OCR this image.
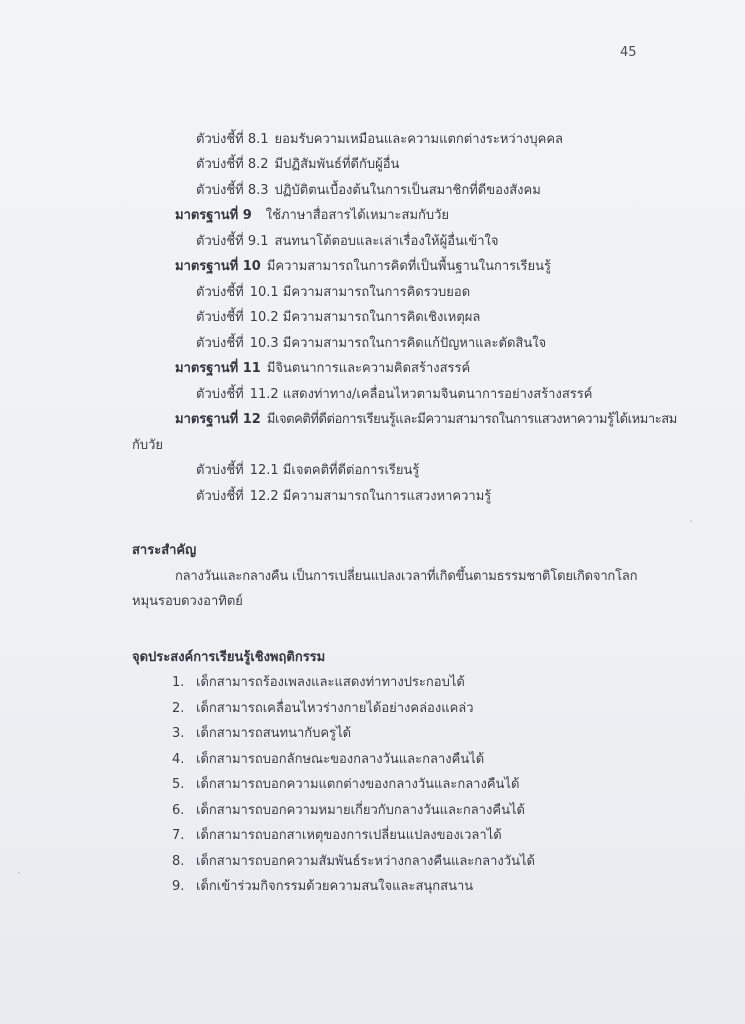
45
ตัวบ่งชี้ที่ 8.1 ยอมรับความเหมือนและความแตกต่างระหว่างบุคคล
ตัวบ่งชี้ที่ 8.2 มีปฏิสัมพันธ์ที่ดีกับผู้อื่น
ตัวบ่งชี้ที่ 8.3 ปฏิบัติตนเบื้องต้นในการเป็นสมาชิกที่ดีของสังคม
มาตรฐานที่ 9 ใช้ภาษาสื่อสารได้เหมาะสมกับวัย
ตัวบ่งชี้ที่ 9.1 สนทนาโต้ตอบและเล่าเรื่องให้ผู้อื่นเข้าใจ
มาตรฐานที่ 10 มีความสามารถในการคิดที่เป็นพื้นฐานในการเรียนรู้
ตัวบ่งชี้ที่ 10.1 มีความสามารถในการคิดรวบยอด
ตัวบ่งชี้ที่ 10.2 มีความสามารถในการคิดเชิงเหตุผล
ตัวบ่งชี้ที่ 10.3 มีความสามารถในการคิดแก้ปัญหาและตัดสินใจ
มาตรฐานที่ 11 มีจินตนาการและความคิดสร้างสรรค์
ตัวบ่งชี้ที่ 11.2 แสดงท่าทาง/เคลื่อนไหวตามจินตนาการอย่างสร้างสรรค์
มาตรฐานที่ 12 มีเจตคติที่ดีต่อการเรียนรู้และมีความสามารถในการแสวงหาความรู้ได้เหมาะสม
กับวัย
ตัวบ่งชี้ที่ 12.1 มีเจตคติที่ดีต่อการเรียนรู้
ตัวบ่งชี้ที่ 12.2 มีความสามารถในการแสวงหาความรู้
สาระสำคัญ
กลางวันและกลางคืน เป็นการเปลี่ยนแปลงเวลาที่เกิดขึ้นตามธรรมชาติโดยเกิดจากโลก
หมุนรอบดวงอาทิตย์
จุดประสงค์การเรียนรู้เชิงพฤติกรรม
1. เด็กสามารถร้องเพลงและแสดงท่าทางประกอบได้
2. เด็กสามารถเคลื่อนไหวร่างกายได้อย่างคล่องแคล่ว
3. เด็กสามารถสนทนากับครูได้
4. เด็กสามารถบอกลักษณะของกลางวันและกลางคืนได้
5. เด็กสามารถบอกความแตกต่างของกลางวันและกลางคืนได้
6. เด็กสามารถบอกความหมายเกี่ยวกับกลางวันและกลางคืนได้
7. เด็กสามารถบอกสาเหตุของการเปลี่ยนแปลงของเวลาได้
8. เด็กสามารถบอกความสัมพันธ์ระหว่างกลางคืนและกลางวันได้
9. เด็กเข้าร่วมกิจกรรมด้วยความสนใจและสนุกสนาน
